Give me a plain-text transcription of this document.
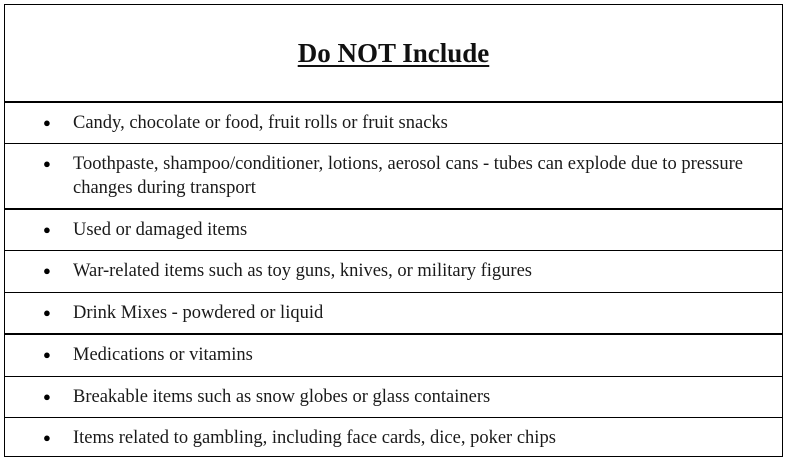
Do NOT Include
●	Candy, chocolate or food, fruit rolls or fruit snacks
●	Toothpaste, shampoo/conditioner, lotions, aerosol cans - tubes can explode due to pressure changes during transport
●	Used or damaged items
●	War-related items such as toy guns, knives, or military figures
●	Drink Mixes - powdered or liquid
●	Medications or vitamins
●	Breakable items such as snow globes or glass containers
●	Items related to gambling, including face cards, dice, poker chips
